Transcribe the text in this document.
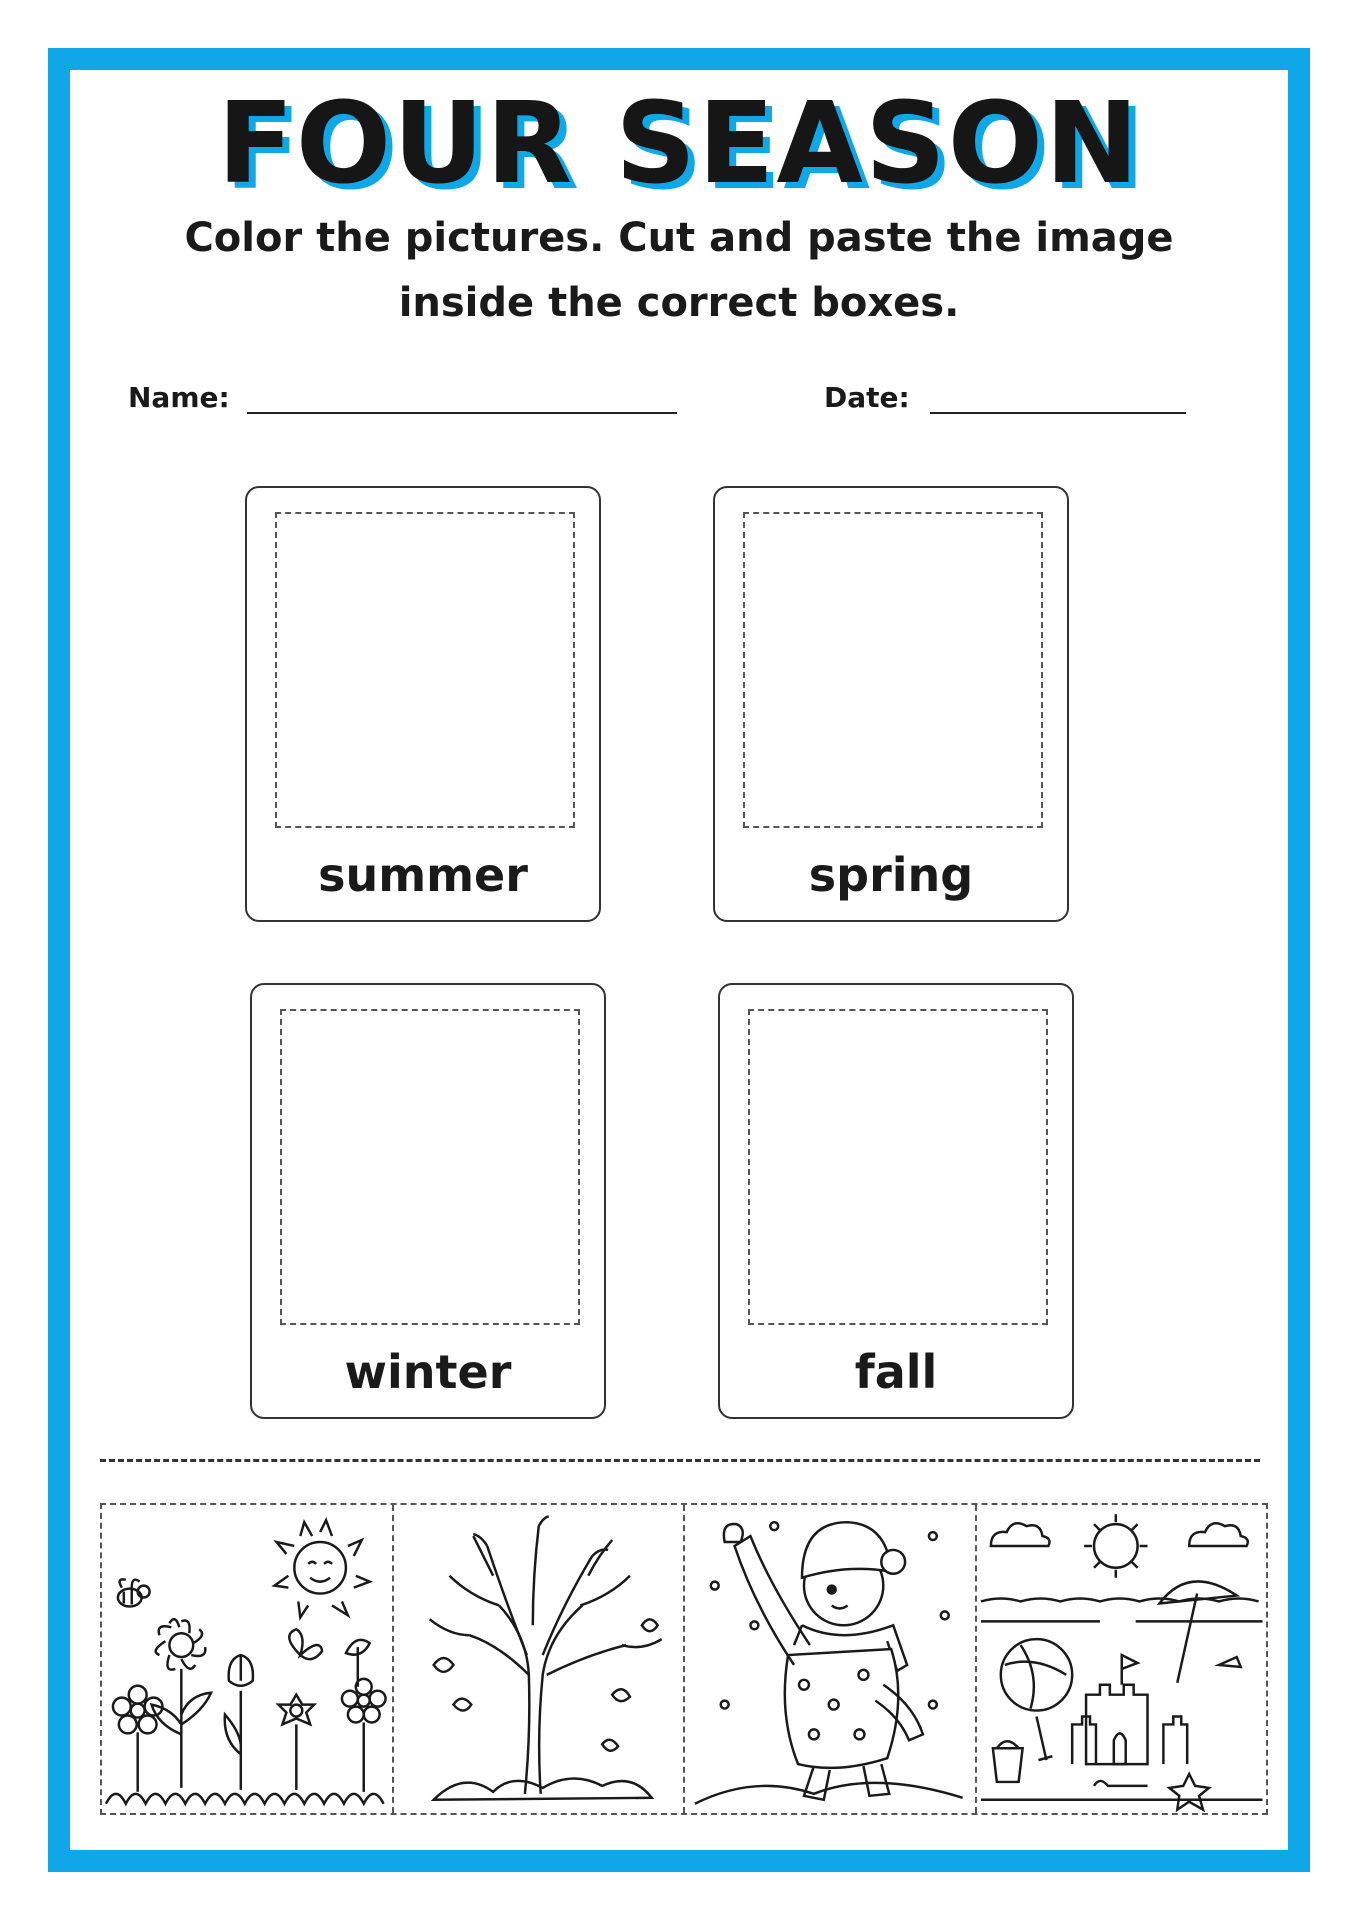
FOUR SEASON
Color the pictures. Cut and paste the image
inside the correct boxes.
Name:	Date:
summer	spring
winter	fall
